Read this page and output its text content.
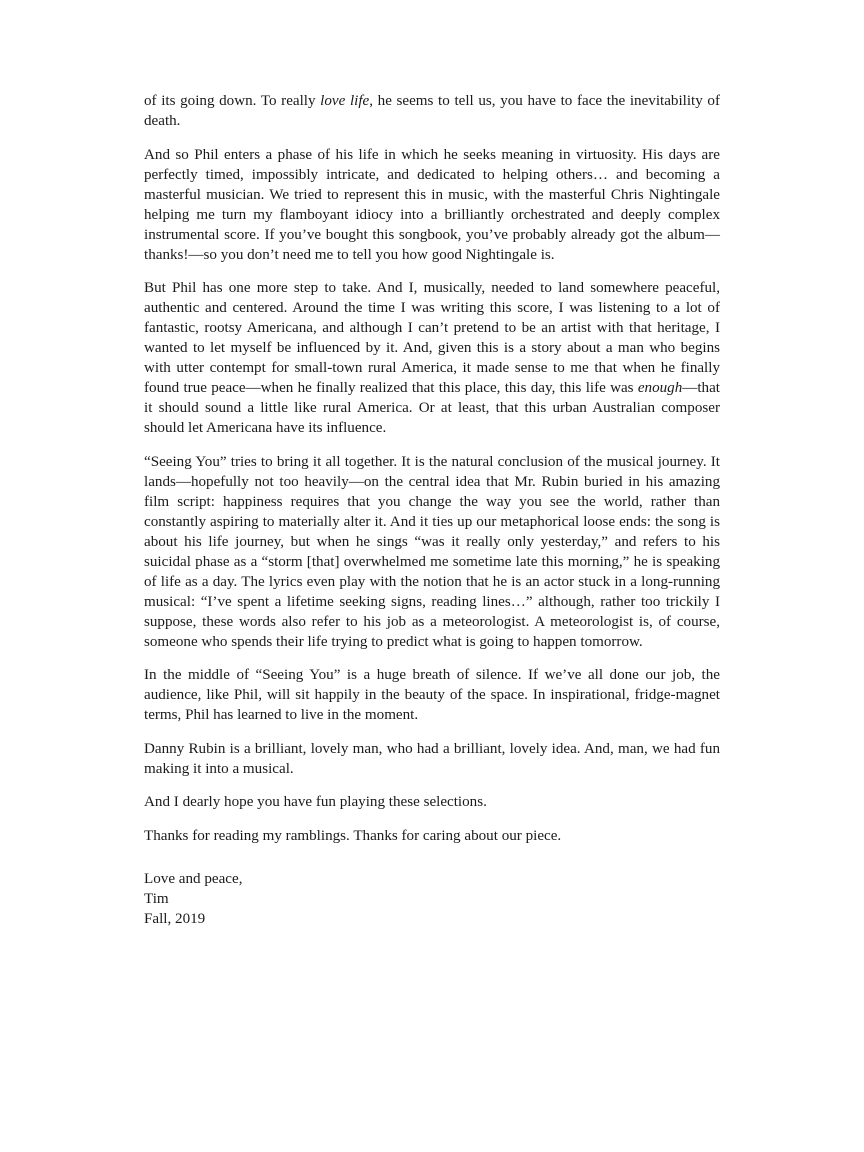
of its going down. To really love life, he seems to tell us, you have to face the inevitability of death.

And so Phil enters a phase of his life in which he seeks meaning in virtuosity. His days are perfectly timed, impossibly intricate, and dedicated to helping others… and becoming a masterful musician. We tried to represent this in music, with the masterful Chris Nightingale helping me turn my flamboyant idiocy into a brilliantly orchestrated and deeply complex instrumental score. If you’ve bought this songbook, you’ve probably already got the album—thanks!—so you don’t need me to tell you how good Nightingale is.

But Phil has one more step to take. And I, musically, needed to land somewhere peaceful, authentic and centered. Around the time I was writing this score, I was listening to a lot of fantastic, rootsy Americana, and although I can’t pretend to be an artist with that heritage, I wanted to let myself be influenced by it. And, given this is a story about a man who begins with utter contempt for small-town rural America, it made sense to me that when he finally found true peace—when he finally realized that this place, this day, this life was enough—that it should sound a little like rural America. Or at least, that this urban Australian composer should let Americana have its influence.

“Seeing You” tries to bring it all together. It is the natural conclusion of the musical journey. It lands—hopefully not too heavily—on the central idea that Mr. Rubin buried in his amazing film script: happiness requires that you change the way you see the world, rather than constantly aspiring to materially alter it. And it ties up our metaphorical loose ends: the song is about his life journey, but when he sings “was it really only yesterday,” and refers to his suicidal phase as a “storm [that] overwhelmed me sometime late this morning,” he is speaking of life as a day. The lyrics even play with the notion that he is an actor stuck in a long-running musical: “I’ve spent a lifetime seeking signs, reading lines…” although, rather too trickily I suppose, these words also refer to his job as a meteorologist. A meteorologist is, of course, someone who spends their life trying to predict what is going to happen tomorrow.

In the middle of “Seeing You” is a huge breath of silence. If we’ve all done our job, the audience, like Phil, will sit happily in the beauty of the space. In inspirational, fridge-magnet terms, Phil has learned to live in the moment.

Danny Rubin is a brilliant, lovely man, who had a brilliant, lovely idea. And, man, we had fun making it into a musical.

And I dearly hope you have fun playing these selections.

Thanks for reading my ramblings. Thanks for caring about our piece.

Love and peace,
Tim
Fall, 2019
